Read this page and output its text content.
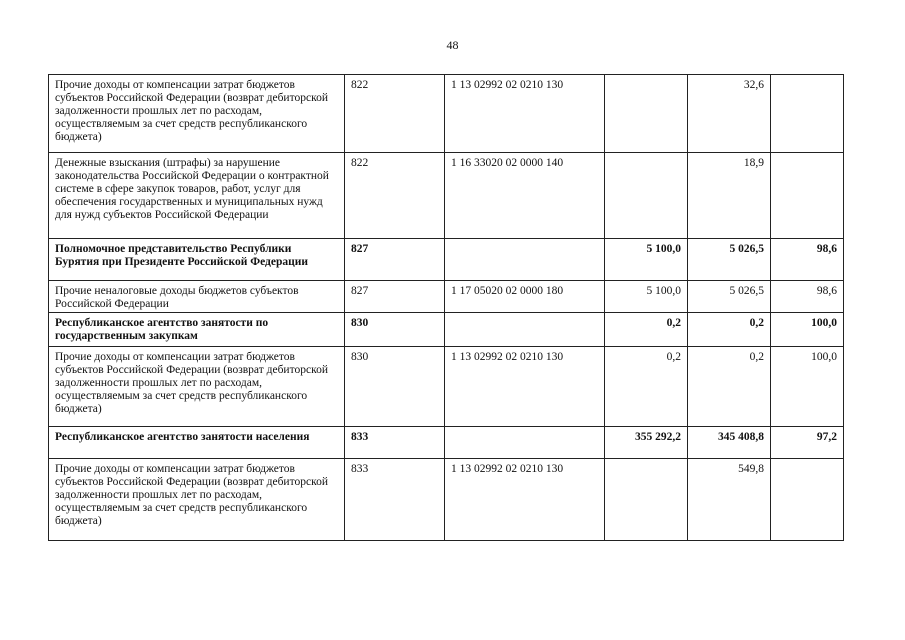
48
Прочие доходы от компенсации затрат бюджетов субъектов Российской Федерации (возврат дебиторской задолженности прошлых лет по расходам, осуществляемым за счет средств республиканского бюджета)	822	1 13 02992 02 0210 130		32,6	
Денежные взыскания (штрафы) за нарушение законодательства Российской Федерации о контрактной системе в сфере закупок товаров, работ, услуг для обеспечения государственных и муниципальных нужд для нужд субъектов Российской Федерации	822	1 16 33020 02 0000 140		18,9	
Полномочное представительство Республики Бурятия при Президенте Российской Федерации	827		5 100,0	5 026,5	98,6
Прочие неналоговые доходы бюджетов субъектов Российской Федерации	827	1 17 05020 02 0000 180	5 100,0	5 026,5	98,6
Республиканское агентство занятости по государственным закупкам	830		0,2	0,2	100,0
Прочие доходы от компенсации затрат бюджетов субъектов Российской Федерации (возврат дебиторской задолженности прошлых лет по расходам, осуществляемым за счет средств республиканского бюджета)	830	1 13 02992 02 0210 130	0,2	0,2	100,0
Республиканское агентство занятости населения	833		355 292,2	345 408,8	97,2
Прочие доходы от компенсации затрат бюджетов субъектов Российской Федерации (возврат дебиторской задолженности прошлых лет по расходам, осуществляемым за счет средств республиканского бюджета)	833	1 13 02992 02 0210 130		549,8	
